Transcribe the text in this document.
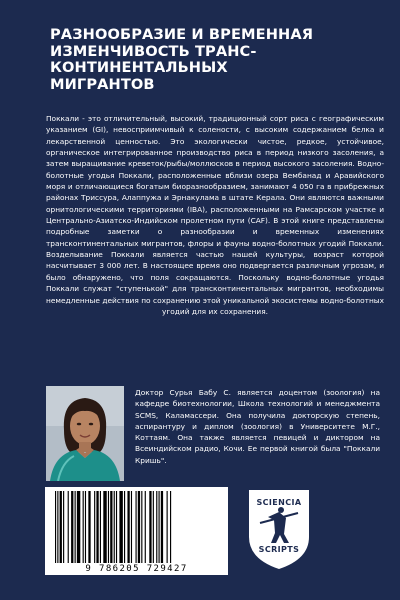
РАЗНООБРАЗИЕ И ВРЕМЕННАЯ
ИЗМЕНЧИВОСТЬ ТРАНС-
КОНТИНЕНТАЛЬНЫХ
МИГРАНТОВ
Поккали - это отличительный, высокий, традиционный сорт риса с географическим указанием (GI), невосприимчивый к солености, с высоким содержанием белка и лекарственной ценностью. Это экологически чистое, редкое, устойчивое, органическое интегрированное производство риса в период низкого засоления, а затем выращивание креветок/рыбы/моллюсков в период высокого засоления. Водно-болотные угодья Поккали, расположенные вблизи озера Вембанад и Аравийского моря и отличающиеся богатым биоразнообразием, занимают 4 050 га в прибрежных районах Триссура, Алаппужа и Эрнакулама в штате Керала. Они являются важными орнитологическими территориями (IBA), расположенными на Рамсарском участке и Центрально-Азиатско-Индийском пролетном пути (CAF). В этой книге представлены подробные заметки о разнообразии и временных изменениях трансконтинентальных мигрантов, флоры и фауны водно-болотных угодий Поккали. Возделывание Поккали является частью нашей культуры, возраст которой насчитывает 3 000 лет. В настоящее время оно подвергается различным угрозам, и было обнаружено, что поля сокращаются. Поскольку водно-болотные угодья Поккали служат "ступенькой" для трансконтинентальных мигрантов, необходимы немедленные действия по сохранению этой уникальной экосистемы водно-болотных угодий для их сохранения.
Доктор Сурья Бабу С. является доцентом (зоология) на кафедре биотехнологии, Школа технологий и менеджмента SCMS, Каламассери. Она получила докторскую степень, аспирантуру и диплом (зоология) в Университете М.Г., Коттаям. Она также является певицей и диктором на Всеиндийском радио, Кочи. Ее первой книгой была "Поккали Кришь".
9 786205 729427
SCIENCIA
SCRIPTS
